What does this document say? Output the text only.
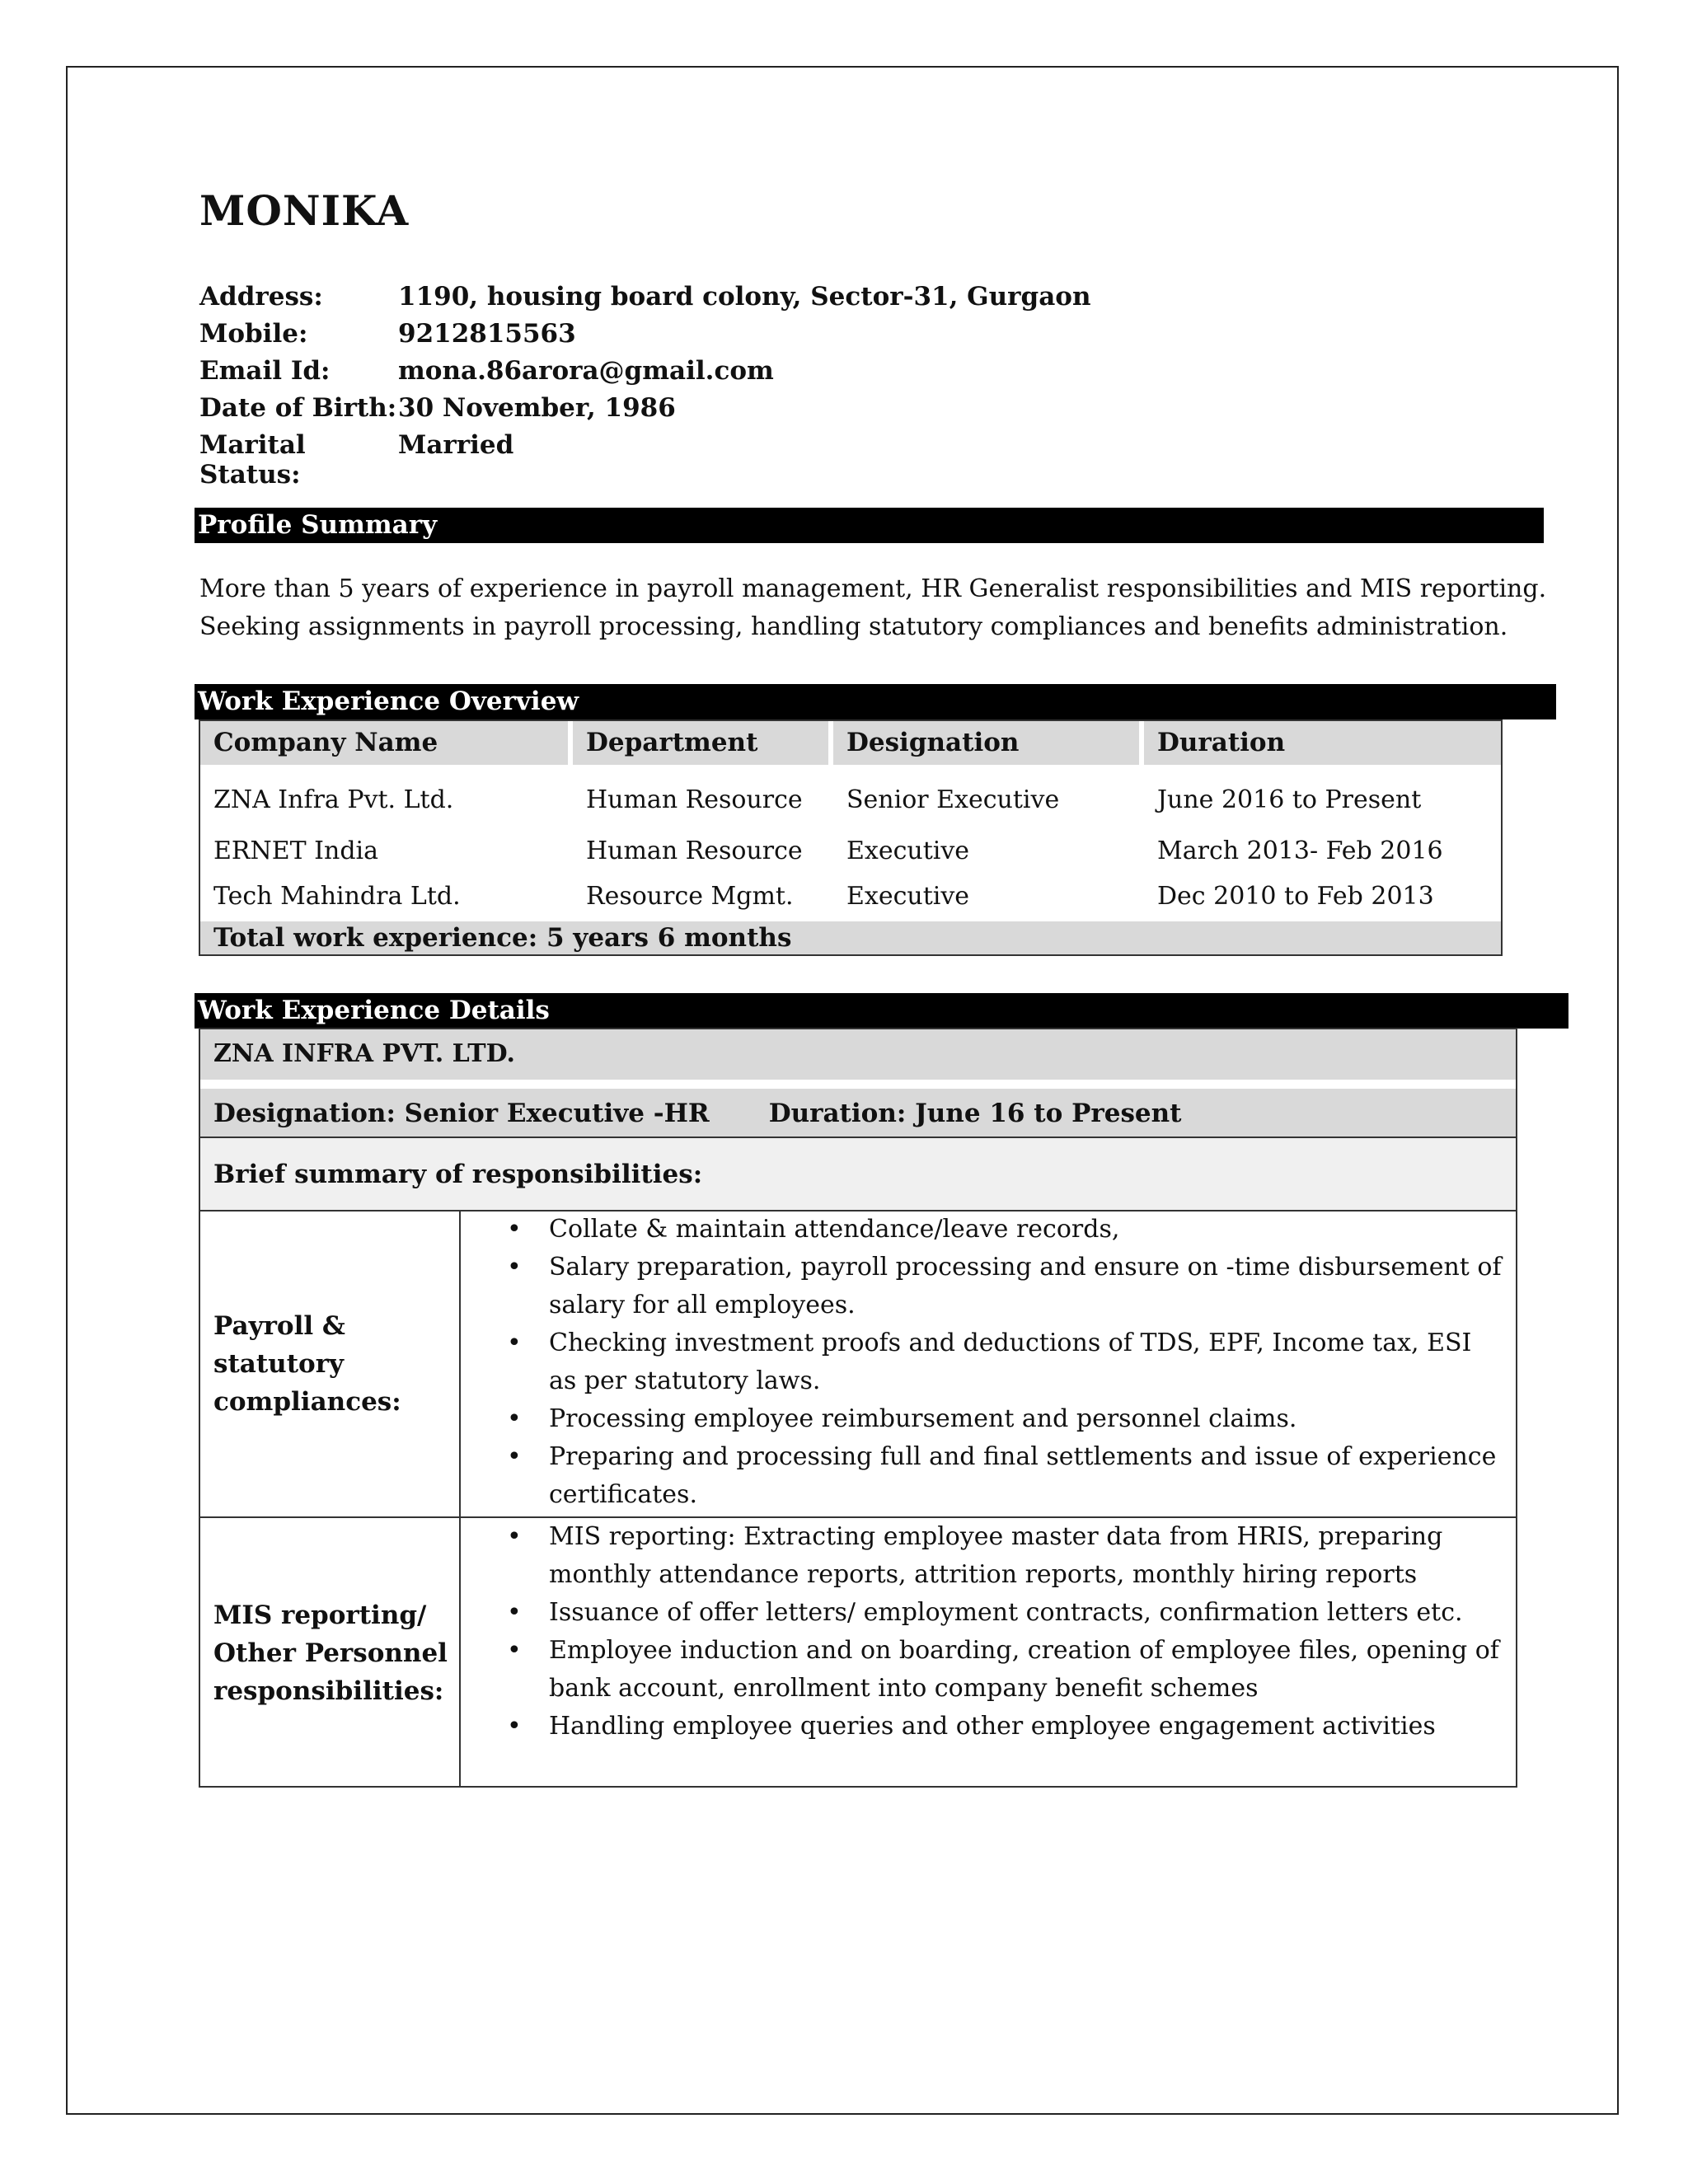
MONIKA
Address:	1190, housing board colony, Sector-31, Gurgaon
Mobile:	9212815563
Email Id:	mona.86arora@gmail.com
Date of Birth: 30 November, 1986
Marital Status:
Married
Profile Summary
More than 5 years of experience in payroll management, HR Generalist responsibilities and MIS reporting.
Seeking assignments in payroll processing, handling statutory compliances and benefits administration.
Work Experience Overview
Company Name	Department	Designation	Duration
ZNA Infra Pvt. Ltd.	Human Resource	Senior Executive	June 2016 to Present
ERNET India	Human Resource	Executive	March 2013- Feb 2016
Tech Mahindra Ltd.	Resource Mgmt.	Executive	Dec 2010 to Feb 2013
Total work experience: 5 years 6 months
Work Experience Details
ZNA INFRA PVT. LTD.
Designation: Senior Executive -HR Duration: June 16 to Present
Brief summary of responsibilities:
Payroll &
statutory
compliances:
• Collate & maintain attendance/leave records,
• Salary preparation, payroll processing and ensure on -time disbursement of salary for all employees.
• Checking investment proofs and deductions of TDS, EPF, Income tax, ESI as per statutory laws.
• Processing employee reimbursement and personnel claims.
• Preparing and processing full and final settlements and issue of experience certificates.
MIS reporting/
Other Personnel
responsibilities:
• MIS reporting: Extracting employee master data from HRIS, preparing monthly attendance reports, attrition reports, monthly hiring reports
• Issuance of offer letters/ employment contracts, confirmation letters etc.
• Employee induction and on boarding, creation of employee files, opening of bank account, enrollment into company benefit schemes
• Handling employee queries and other employee engagement activities
